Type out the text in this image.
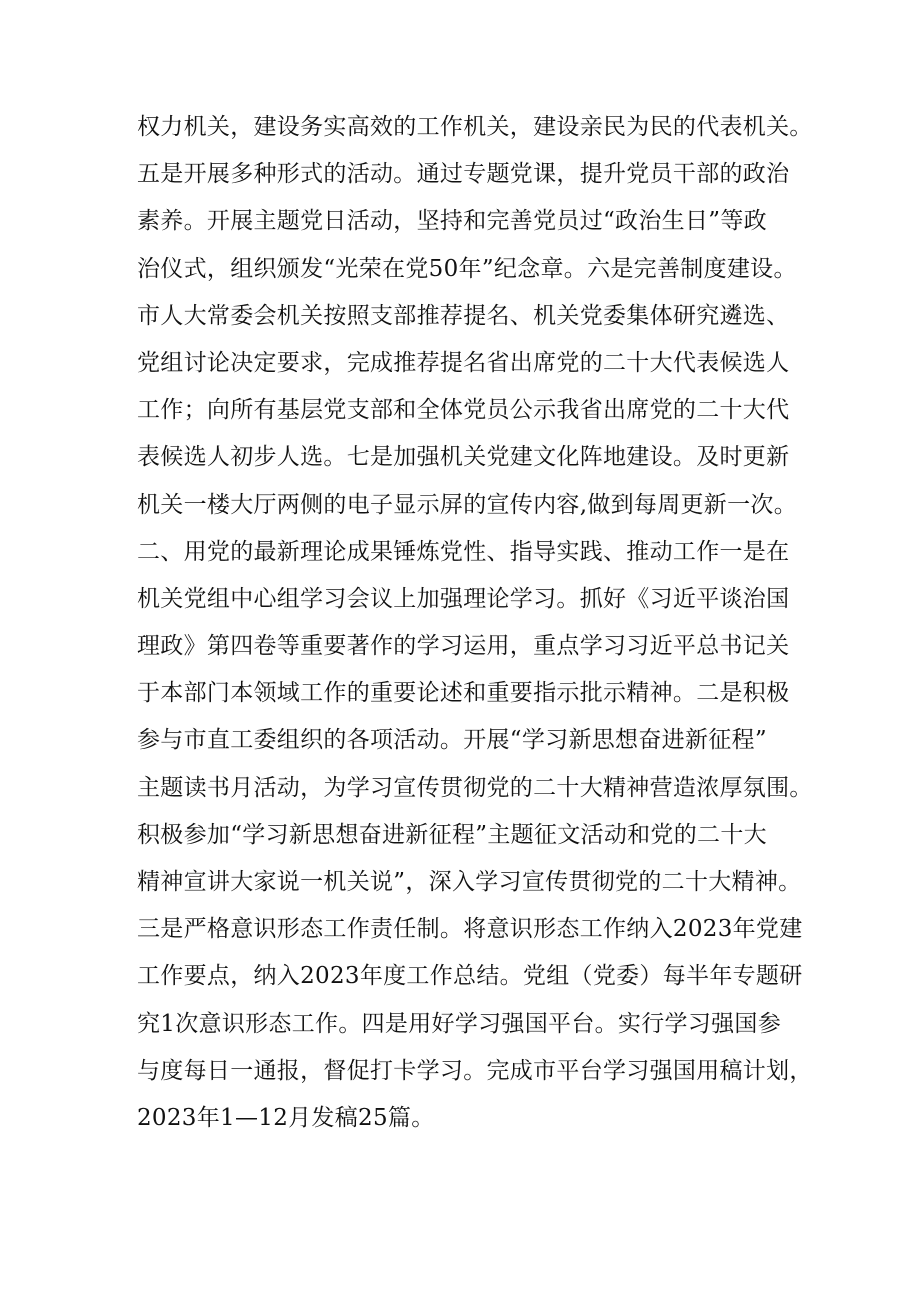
权力机关，建设务实高效的工作机关，建设亲民为民的代表机关。
五是开展多种形式的活动。通过专题党课，提升党员干部的政治
素养。开展主题党日活动，坚持和完善党员过“政治生日”等政
治仪式，组织颁发“光荣在党50年”纪念章。六是完善制度建设。
市人大常委会机关按照支部推荐提名、机关党委集体研究遴选、
党组讨论决定要求，完成推荐提名省出席党的二十大代表候选人
工作；向所有基层党支部和全体党员公示我省出席党的二十大代
表候选人初步人选。七是加强机关党建文化阵地建设。及时更新
机关一楼大厅两侧的电子显示屏的宣传内容,做到每周更新一次。
二、用党的最新理论成果锤炼党性、指导实践、推动工作一是在
机关党组中心组学习会议上加强理论学习。抓好《习近平谈治国
理政》第四卷等重要著作的学习运用，重点学习习近平总书记关
于本部门本领域工作的重要论述和重要指示批示精神。二是积极
参与市直工委组织的各项活动。开展“学习新思想奋进新征程”
主题读书月活动，为学习宣传贯彻党的二十大精神营造浓厚氛围。
积极参加“学习新思想奋进新征程”主题征文活动和党的二十大
精神宣讲大家说一机关说”，深入学习宣传贯彻党的二十大精神。
三是严格意识形态工作责任制。将意识形态工作纳入2023年党建
工作要点，纳入2023年度工作总结。党组（党委）每半年专题研
究1次意识形态工作。四是用好学习强国平台。实行学习强国参
与度每日一通报，督促打卡学习。完成市平台学习强国用稿计划，
2023年1—12月发稿25篇。
